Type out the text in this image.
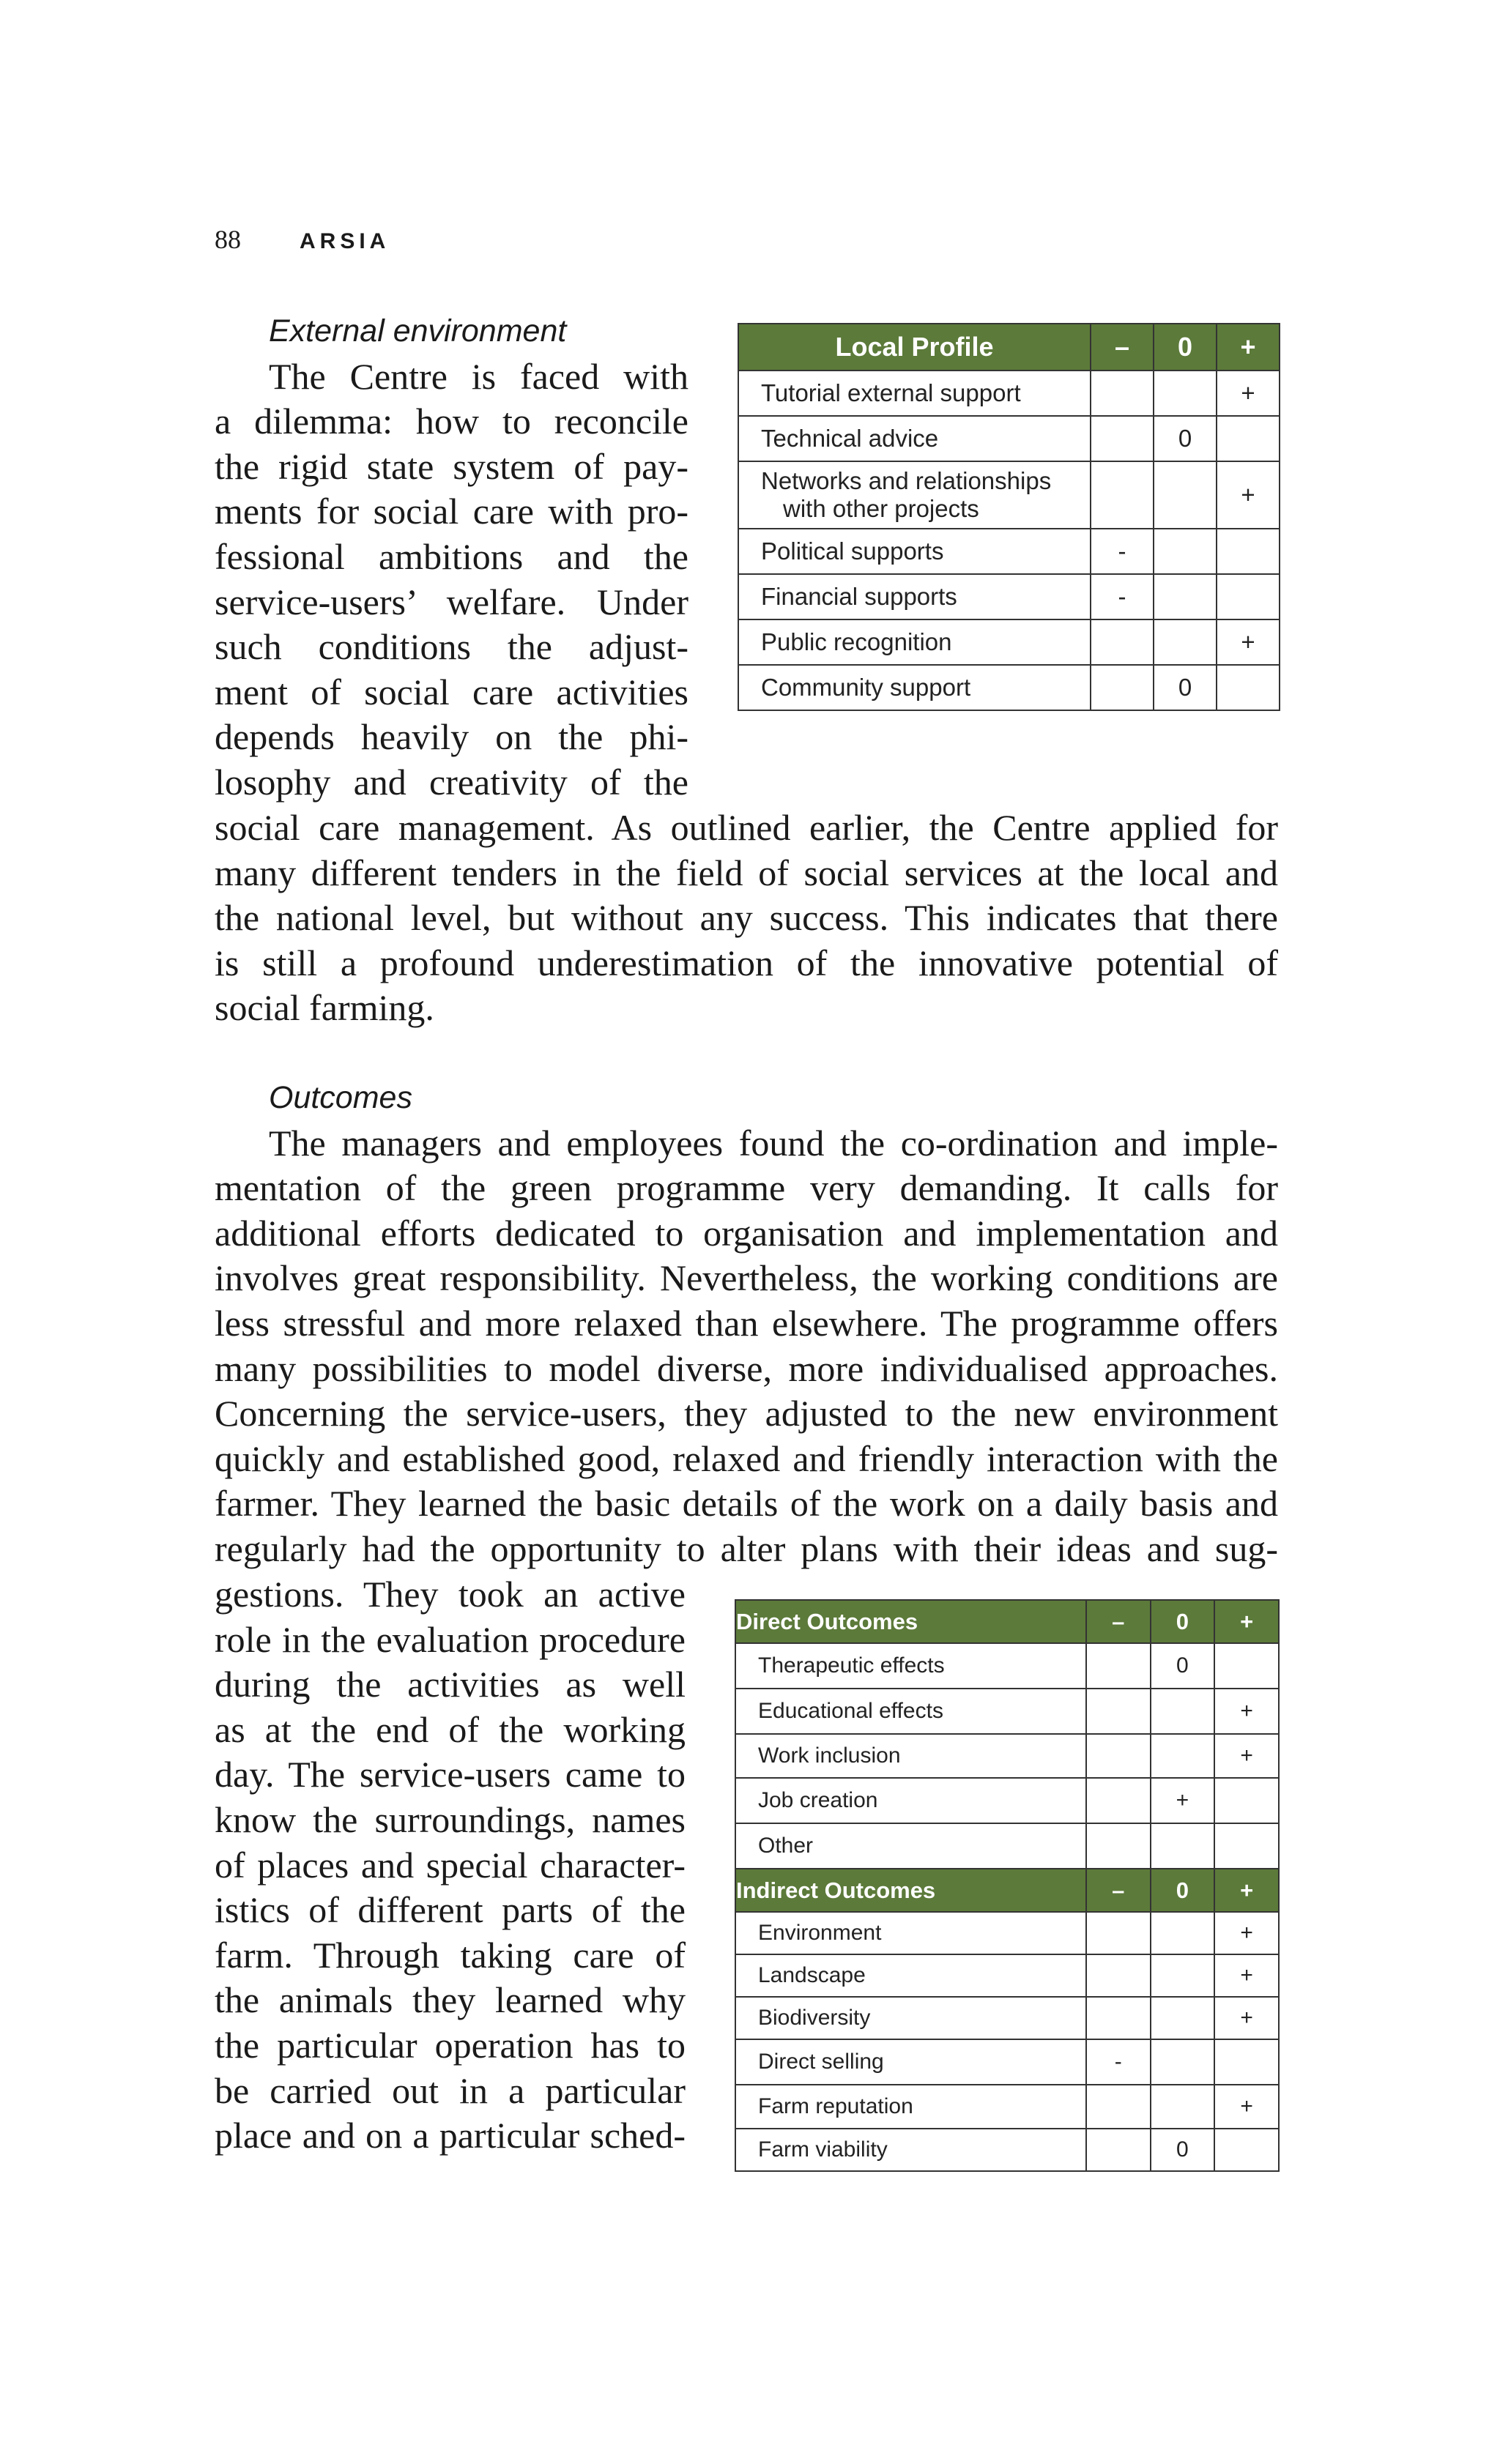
88	ARSIA

External environment

The Centre is faced with

a dilemma: how to reconcile

the rigid state system of pay-

ments for social care with pro-

fessional ambitions and the

service-users’ welfare. Under

such conditions the adjust-

ment of social care activities

depends heavily on the phi-

losophy and creativity of the

social care management. As outlined earlier, the Centre applied for

many different tenders in the field of social services at the local and

the national level, but without any success. This indicates that there

is still a profound underestimation of the innovative potential of

social farming.

Local Profile	–	0	+
Tutorial external support			+
Technical advice		0	

Networks and relationships
with other projects			+
Political supports	-		
Financial supports	-		
Public recognition			+
Community support		0	

Outcomes

The managers and employees found the co-ordination and imple-

mentation of the green programme very demanding. It calls for

additional efforts dedicated to organisation and implementation and

involves great responsibility. Nevertheless, the working conditions are

less stressful and more relaxed than elsewhere. The programme offers

many possibilities to model diverse, more individualised approaches.

Concerning the service-users, they adjusted to the new environment

quickly and established good, relaxed and friendly interaction with the

farmer. They learned the basic details of the work on a daily basis and

regularly had the opportunity to alter plans with their ideas and sug-

gestions. They took an active

role in the evaluation procedure

during the activities as well

as at the end of the working

day. The service-users came to

know the surroundings, names

of places and special character-

istics of different parts of the

farm. Through taking care of

the animals they learned why

the particular operation has to

be carried out in a particular

place and on a particular sched-

Direct Outcomes	–	0	+
Therapeutic effects		0	
Educational effects			+
Work inclusion			+
Job creation		+	
Other			
Indirect Outcomes	–	0	+
Environment			+
Landscape			+
Biodiversity			+
Direct selling	-		
Farm reputation			+
Farm viability		0	
